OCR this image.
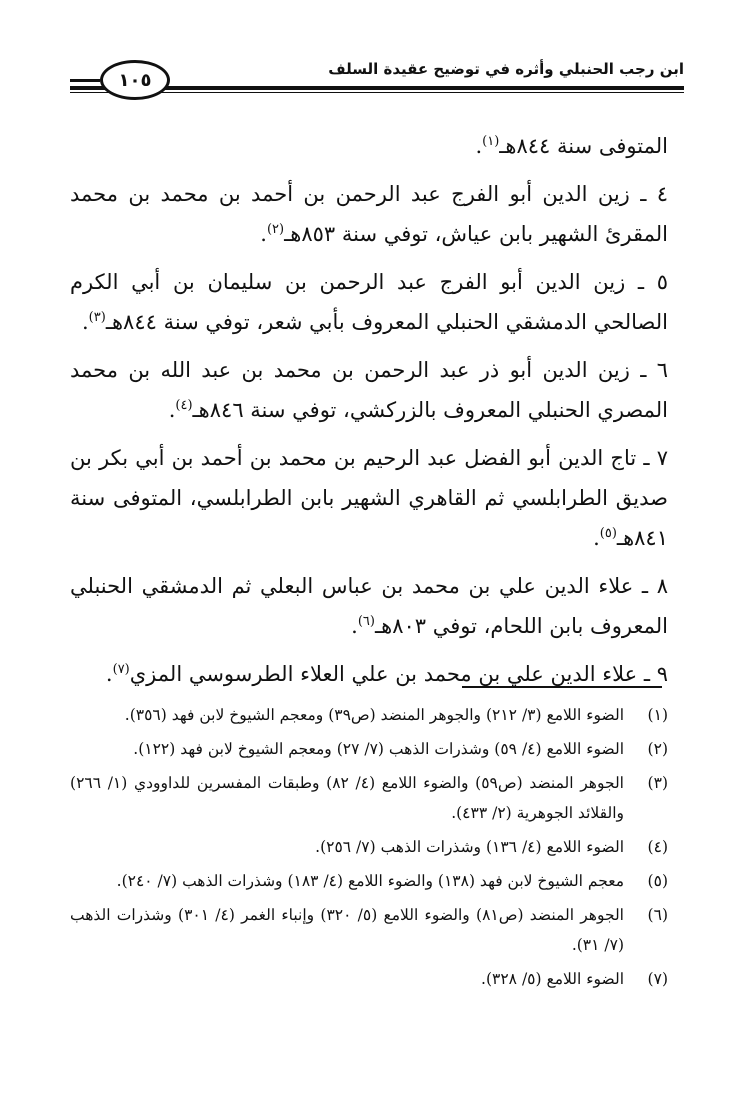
١٠٥
ابن رجب الحنبلي وأثره في توضيح عقيدة السلف

المتوفى سنة ٨٤٤هـ$^{(١)}$.

٤ ـ زين الدين أبو الفرج عبد الرحمن بن أحمد بن محمد بن محمد المقرئ الشهير بابن عياش، توفي سنة ٨٥٣هـ$^{(٢)}$.

٥ ـ زين الدين أبو الفرج عبد الرحمن بن سليمان بن أبي الكرم الصالحي الدمشقي الحنبلي المعروف بأبي شعر، توفي سنة ٨٤٤هـ$^{(٣)}$.

٦ ـ زين الدين أبو ذر عبد الرحمن بن محمد بن عبد الله بن محمد المصري الحنبلي المعروف بالزركشي، توفي سنة ٨٤٦هـ$^{(٤)}$.

٧ ـ تاج الدين أبو الفضل عبد الرحيم بن محمد بن أحمد بن أبي بكر بن صديق الطرابلسي ثم القاهري الشهير بابن الطرابلسي، المتوفى سنة ٨٤١هـ$^{(٥)}$.

٨ ـ علاء الدين علي بن محمد بن عباس البعلي ثم الدمشقي الحنبلي المعروف بابن اللحام، توفي ٨٠٣هـ$^{(٦)}$.

٩ ـ علاء الدين علي بن محمد بن علي العلاء الطرسوسي المزي$^{(٧)}$.

(١)
الضوء اللامع (٣/ ٢١٢) والجوهر المنضد (ص٣٩) ومعجم الشيوخ لابن فهد (٣٥٦).
(٢)
الضوء اللامع (٤/ ٥٩) وشذرات الذهب (٧/ ٢٧) ومعجم الشيوخ لابن فهد (١٢٢).
(٣)
الجوهر المنضد (ص٥٩) والضوء اللامع (٤/ ٨٢) وطبقات المفسرين للداوودي (١/ ٢٦٦) والقلائد الجوهرية (٢/ ٤٣٣).
(٤)
الضوء اللامع (٤/ ١٣٦) وشذرات الذهب (٧/ ٢٥٦).
(٥)
معجم الشيوخ لابن فهد (١٣٨) والضوء اللامع (٤/ ١٨٣) وشذرات الذهب (٧/ ٢٤٠).
(٦)
الجوهر المنضد (ص٨١) والضوء اللامع (٥/ ٣٢٠) وإنباء الغمر (٤/ ٣٠١) وشذرات الذهب (٧/ ٣١).
(٧)
الضوء اللامع (٥/ ٣٢٨).
